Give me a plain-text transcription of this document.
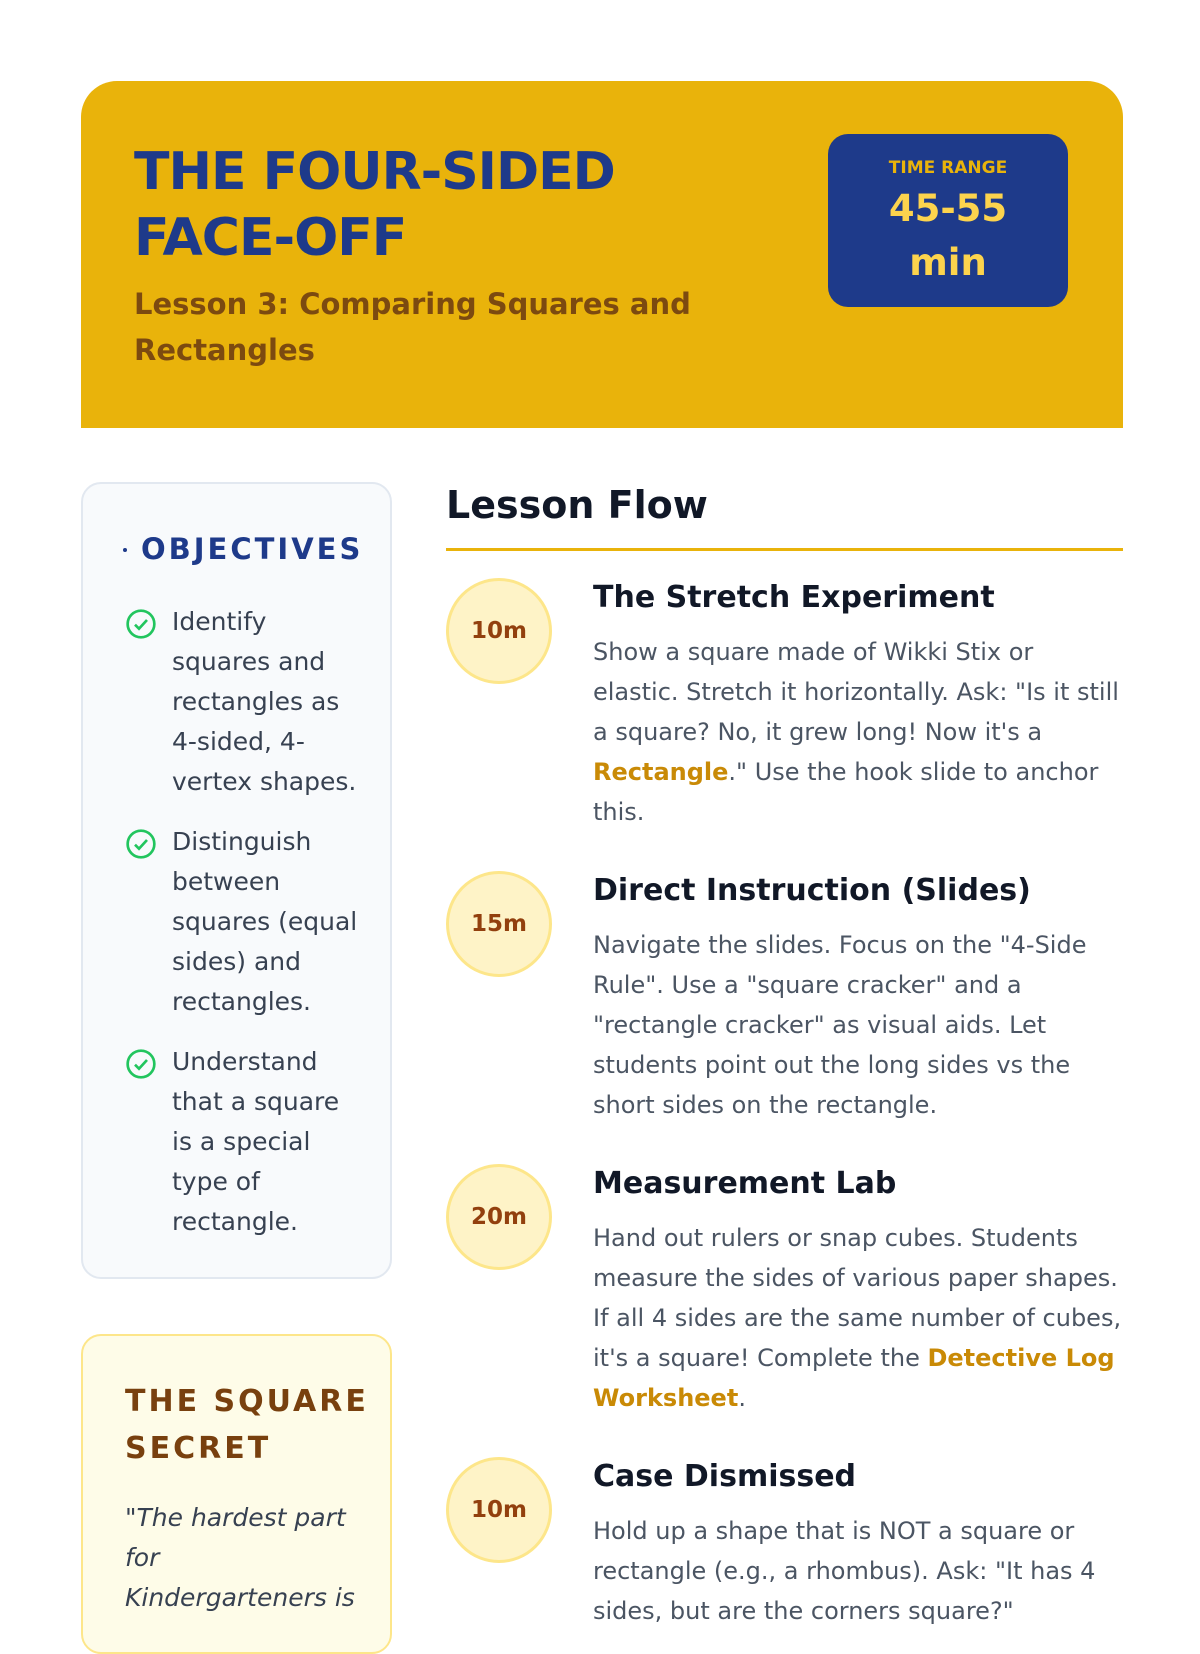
THE FOUR-SIDED FACE-OFF
Lesson 3: Comparing Squares and Rectangles
TIME RANGE
45-55 min
OBJECTIVES
Identify squares and rectangles as 4-sided, 4-vertex shapes.
Distinguish between squares (equal sides) and rectangles.
Understand that a square is a special type of rectangle.
THE SQUARE SECRET

"The hardest part for Kindergarteners is

Lesson Flow
10m
The Stretch Experiment

Show a square made of Wikki Stix or elastic. Stretch it horizontally. Ask: "Is it still a square? No, it grew long! Now it's a Rectangle." Use the hook slide to anchor this.

15m
Direct Instruction (Slides)

Navigate the slides. Focus on the "4-Side Rule". Use a "square cracker" and a "rectangle cracker" as visual aids. Let students point out the long sides vs the short sides on the rectangle.

20m
Measurement Lab

Hand out rulers or snap cubes. Students measure the sides of various paper shapes. If all 4 sides are the same number of cubes, it's a square! Complete the Detective Log Worksheet.

10m
Case Dismissed

Hold up a shape that is NOT a square or rectangle (e.g., a rhombus). Ask: "It has 4 sides, but are the corners square?"
